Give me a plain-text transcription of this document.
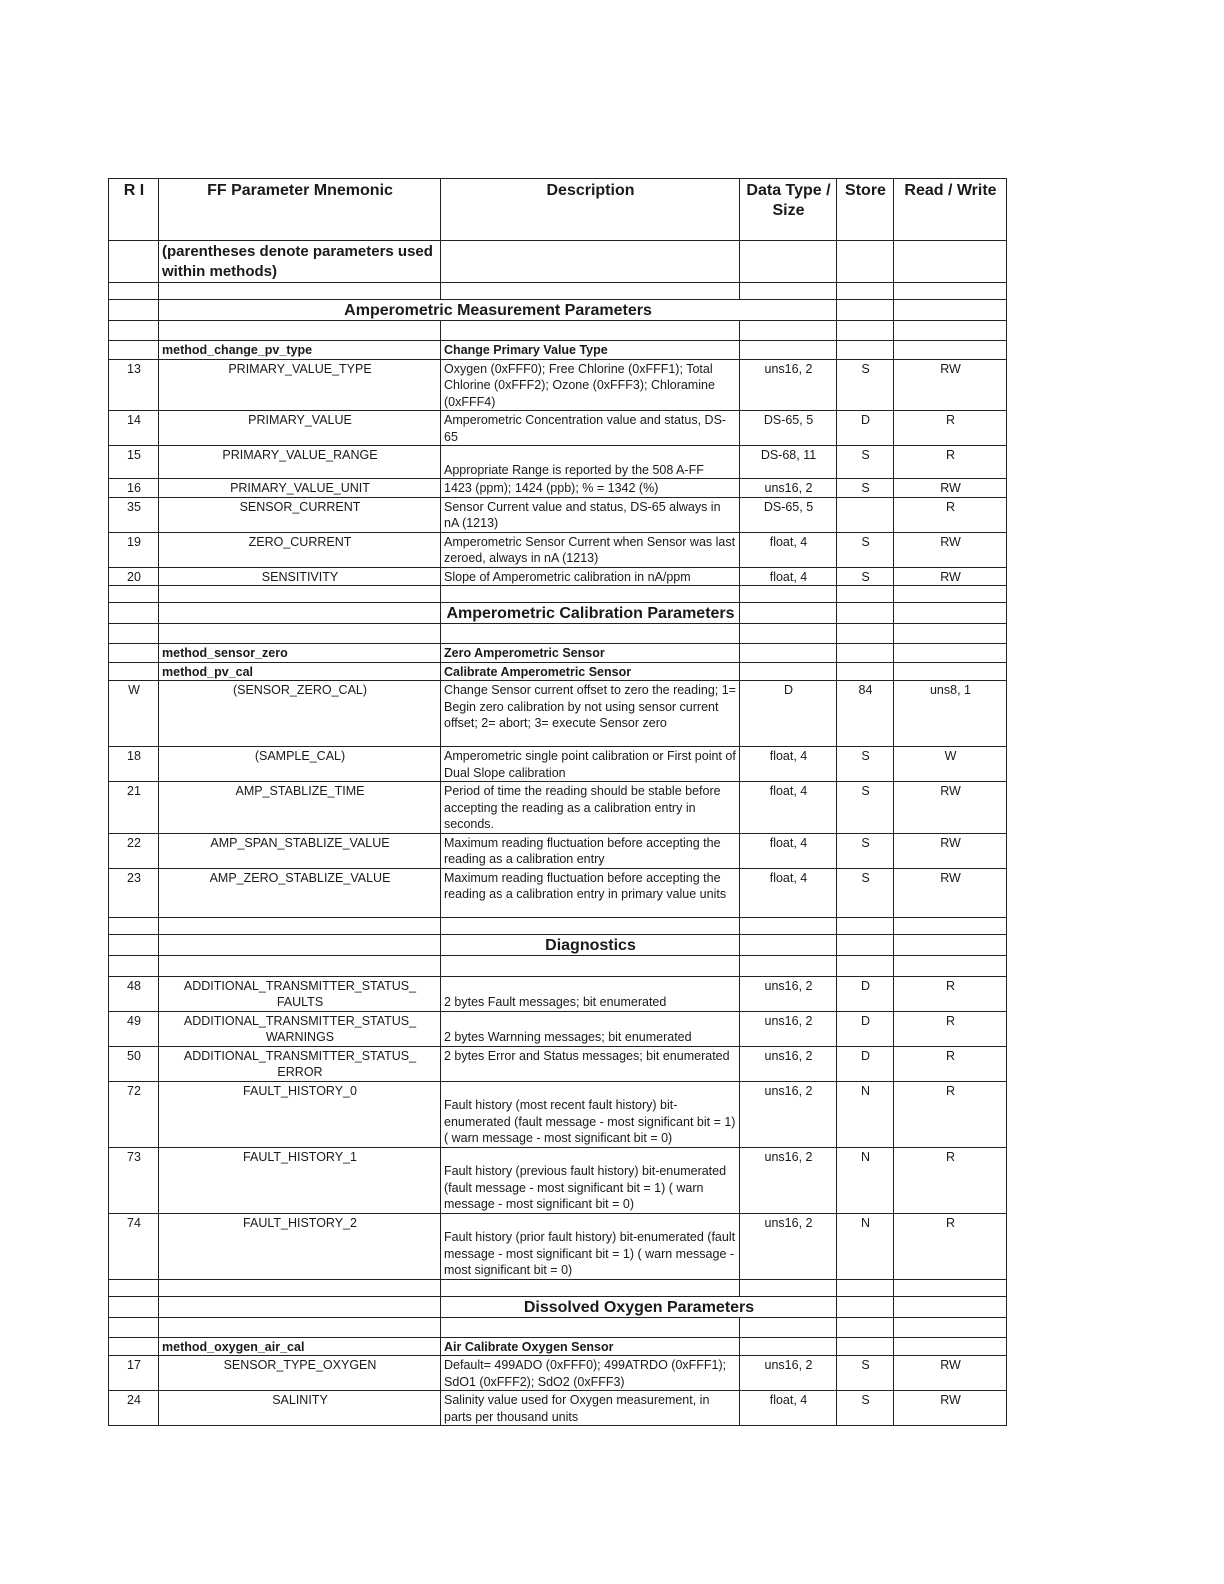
R I	FF Parameter Mnemonic	Description	Data Type / Size	Store	Read / Write
	(parentheses denote parameters used within methods)				

	Amperometric Measurement Parameters				

	method_change_pv_type	Change Primary Value Type			
13	PRIMARY_VALUE_TYPE	Oxygen (0xFFF0); Free Chlorine (0xFFF1); Total Chlorine (0xFFF2); Ozone (0xFFF3); Chloramine (0xFFF4)	uns16, 2	S	RW
14	PRIMARY_VALUE	Amperometric Concentration value and status, DS-65	DS-65, 5	D	R
15	PRIMARY_VALUE_RANGE	Appropriate Range is reported by the 508 A-FF	DS-68, 11	S	R
16	PRIMARY_VALUE_UNIT	1423 (ppm); 1424 (ppb); % = 1342 (%)	uns16, 2	S	RW
35	SENSOR_CURRENT	Sensor Current value and status, DS-65 always in nA (1213)	DS-65, 5		R
19	ZERO_CURRENT	Amperometric Sensor Current when Sensor was last zeroed, always in nA (1213)	float, 4	S	RW
20	SENSITIVITY	Slope of Amperometric calibration in nA/ppm	float, 4	S	RW

		Amperometric Calibration Parameters			

	method_sensor_zero	Zero Amperometric Sensor			
	method_pv_cal	Calibrate Amperometric Sensor			
W	(SENSOR_ZERO_CAL)	Change Sensor current offset to zero the reading; 1= Begin zero calibration by not using sensor current offset; 2= abort; 3= execute Sensor zero	D	84	uns8, 1
18	(SAMPLE_CAL)	Amperometric single point calibration or First point of Dual Slope calibration	float, 4	S	W
21	AMP_STABLIZE_TIME	Period of time the reading should be stable before accepting the reading as a calibration entry in seconds.	float, 4	S	RW
22	AMP_SPAN_STABLIZE_VALUE	Maximum reading fluctuation before accepting the reading as a calibration entry	float, 4	S	RW
23	AMP_ZERO_STABLIZE_VALUE	Maximum reading fluctuation before accepting the reading as a calibration entry in primary value units	float, 4	S	RW

		Diagnostics			

48	ADDITIONAL_TRANSMITTER_STATUS_ FAULTS	2 bytes Fault messages; bit enumerated	uns16, 2	D	R
49	ADDITIONAL_TRANSMITTER_STATUS_ WARNINGS	2 bytes Warnning messages; bit enumerated	uns16, 2	D	R
50	ADDITIONAL_TRANSMITTER_STATUS_ ERROR	2 bytes Error and Status messages; bit enumerated	uns16, 2	D	R
72	FAULT_HISTORY_0	Fault history (most recent fault history) bit-enumerated (fault message - most significant bit = 1) ( warn message - most significant bit = 0)	uns16, 2	N	R
73	FAULT_HISTORY_1	Fault history (previous fault history) bit-enumerated (fault message - most significant bit = 1) ( warn message - most significant bit = 0)	uns16, 2	N	R
74	FAULT_HISTORY_2	Fault history (prior fault history) bit-enumerated (fault message - most significant bit = 1) ( warn message - most significant bit = 0)	uns16, 2	N	R

		Dissolved Oxygen Parameters			

	method_oxygen_air_cal	Air Calibrate Oxygen Sensor			
17	SENSOR_TYPE_OXYGEN	Default= 499ADO (0xFFF0); 499ATRDO (0xFFF1); SdO1 (0xFFF2); SdO2 (0xFFF3)	uns16, 2	S	RW
24	SALINITY	Salinity value used for Oxygen measurement, in parts per thousand units	float, 4	S	RW
